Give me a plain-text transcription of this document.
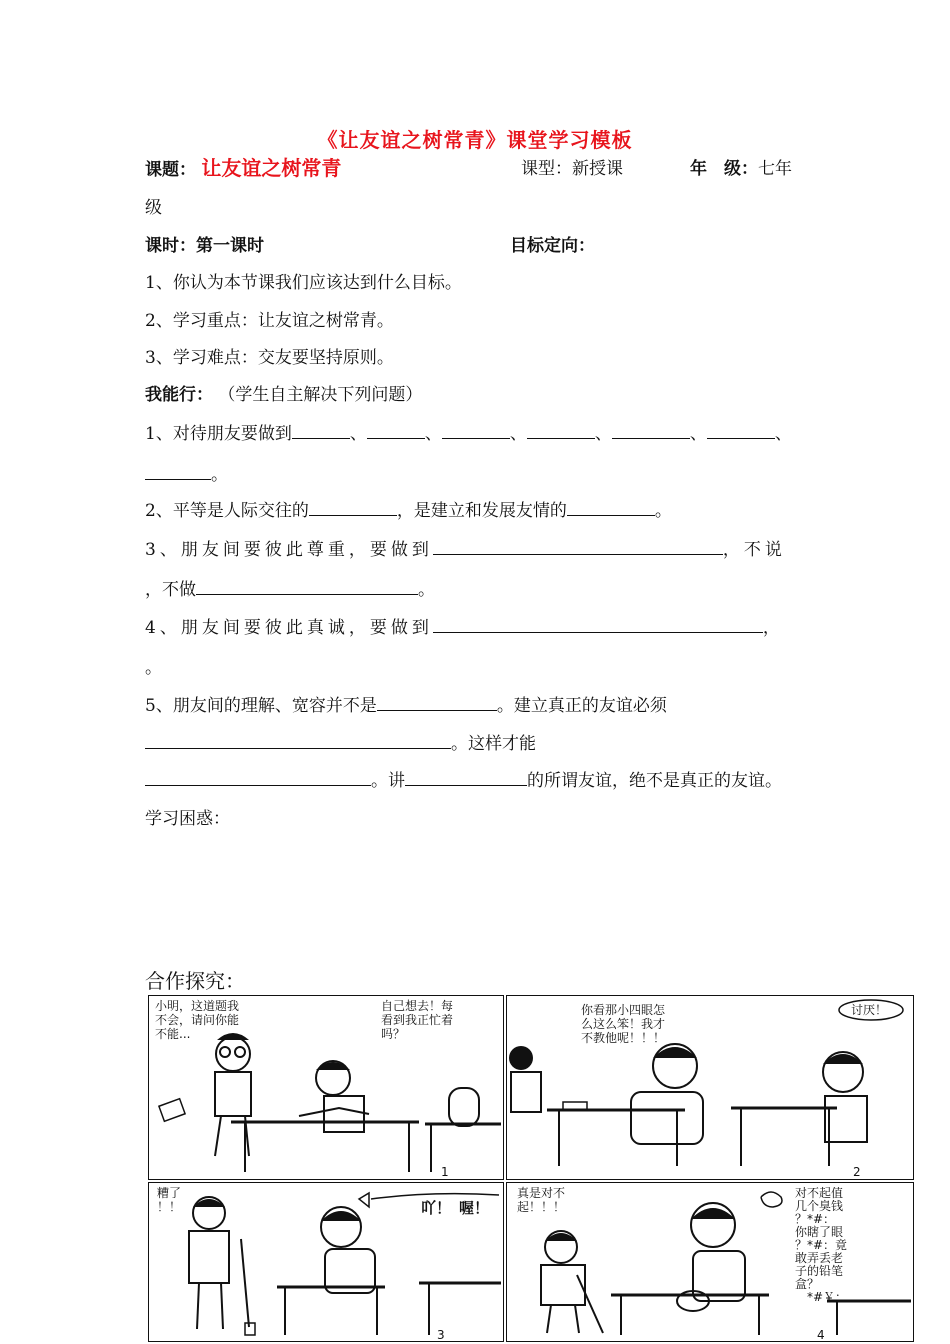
《让友谊之树常青》课堂学习模板
课题： 让友谊之树常青	课型：新授课	年　级：七年
级
课时：第一课时	目标定向：
1、你认为本节课我们应该达到什么目标。
2、学习重点：让友谊之树常青。
3、学习难点：交友要坚持原则。
我能行： （学生自主解决下列问题）
1、对待朋友要做到	、	、	、	、	、	、
。
2、平等是人际交往的	，是建立和发展友情的	。
3、朋友间要彼此尊重，要做到	，不说
，不做	。
4、朋友间要彼此真诚，要做到	，
。
5、朋友间的理解、宽容并不是	。建立真正的友谊必须
。这样才能
。讲	的所谓友谊，绝不是真正的友谊。
学习困惑：
合作探究：
小明，这道题我
不会，请问你能
不能...
自己想去！每
看到我正忙着
吗？
1
你看那小四眼怎
么这么笨！我才
不教他呢！！！
讨厌！
2
糟了
！！	吖！ 喔！
3
真是对不
起！！！
对不起值
几个臭钱
？*#：
你瞎了眼
？*#：竟
敢弄丢老
子的铅笔
盒？
*#￥：
4
